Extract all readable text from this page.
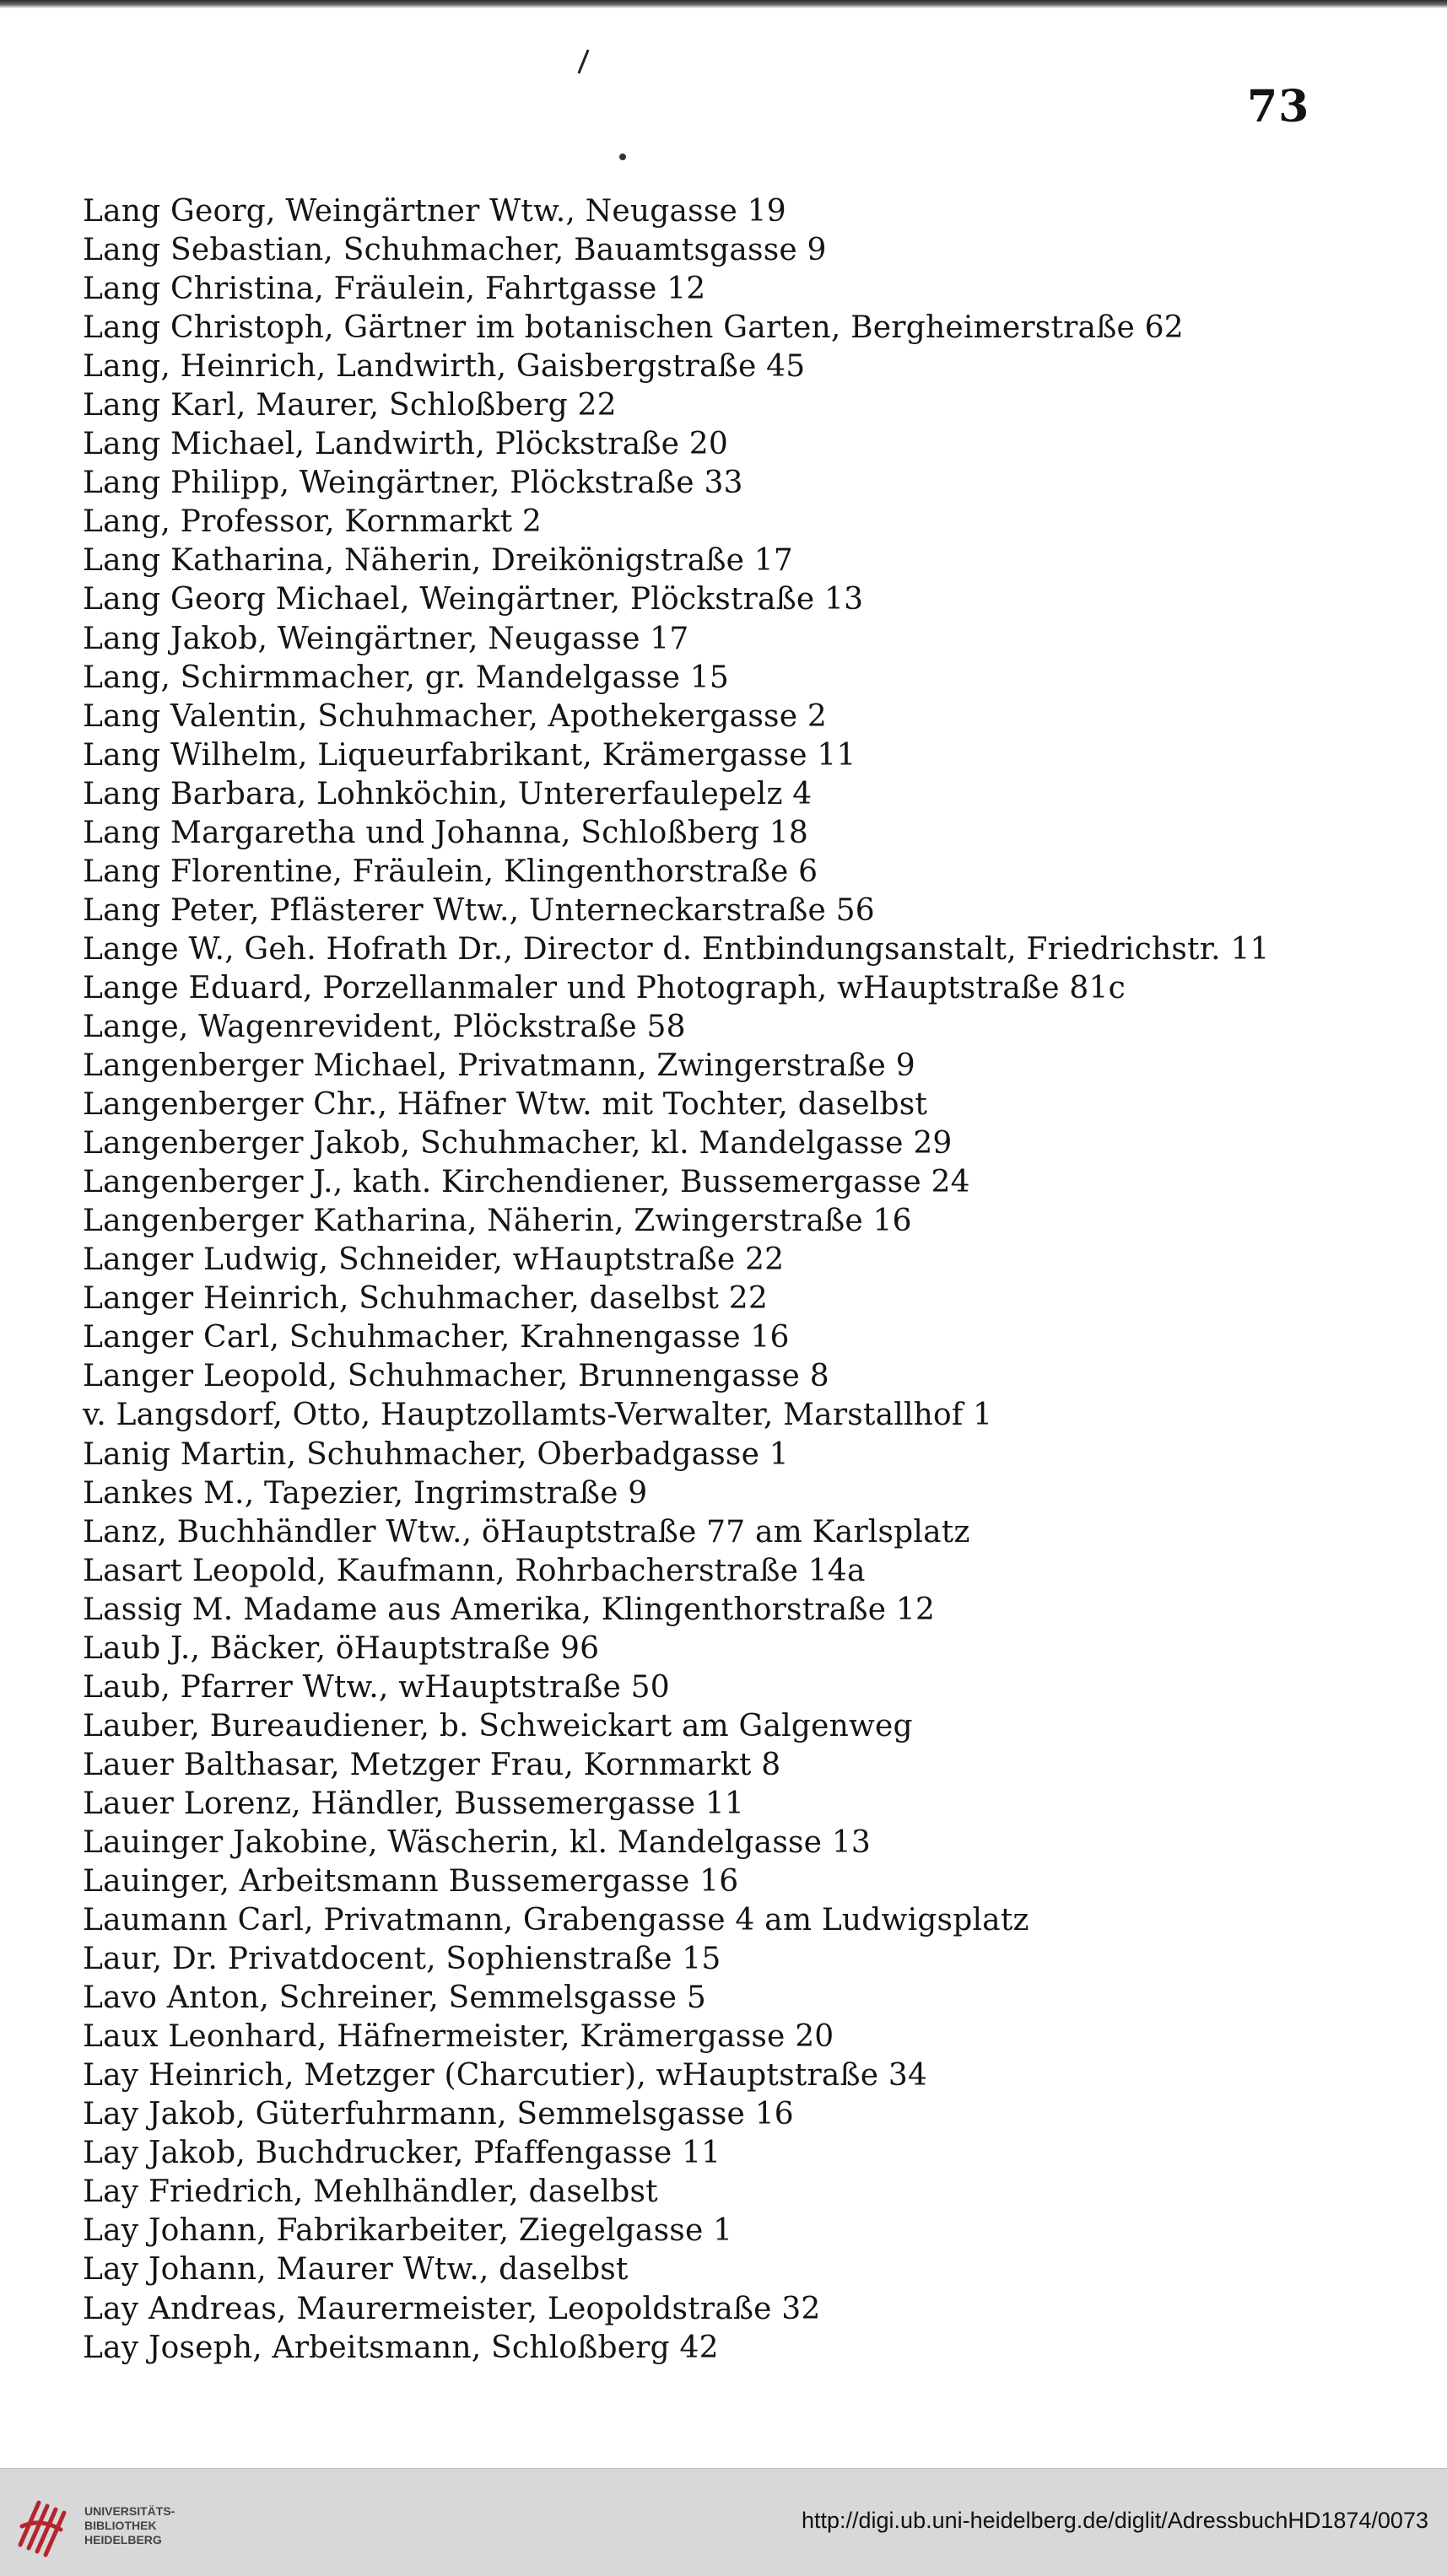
73
Lang Georg, Weingärtner Wtw., Neugasse 19
Lang Sebastian, Schuhmacher, Bauamtsgasse 9
Lang Christina, Fräulein, Fahrtgasse 12
Lang Christoph, Gärtner im botanischen Garten, Bergheimerstraße 62
Lang, Heinrich, Landwirth, Gaisbergstraße 45
Lang Karl, Maurer, Schloßberg 22
Lang Michael, Landwirth, Plöckstraße 20
Lang Philipp, Weingärtner, Plöckstraße 33
Lang, Professor, Kornmarkt 2
Lang Katharina, Näherin, Dreikönigstraße 17
Lang Georg Michael, Weingärtner, Plöckstraße 13
Lang Jakob, Weingärtner, Neugasse 17
Lang, Schirmmacher, gr. Mandelgasse 15
Lang Valentin, Schuhmacher, Apothekergasse 2
Lang Wilhelm, Liqueurfabrikant, Krämergasse 11
Lang Barbara, Lohnköchin, Untererfaulepelz 4
Lang Margaretha und Johanna, Schloßberg 18
Lang Florentine, Fräulein, Klingenthorstraße 6
Lang Peter, Pflästerer Wtw., Unterneckarstraße 56
Lange W., Geh. Hofrath Dr., Director d. Entbindungsanstalt, Friedrichstr. 11
Lange Eduard, Porzellanmaler und Photograph, wHauptstraße 81c
Lange, Wagenrevident, Plöckstraße 58
Langenberger Michael, Privatmann, Zwingerstraße 9
Langenberger Chr., Häfner Wtw. mit Tochter, daselbst
Langenberger Jakob, Schuhmacher, kl. Mandelgasse 29
Langenberger J., kath. Kirchendiener, Bussemergasse 24
Langenberger Katharina, Näherin, Zwingerstraße 16
Langer Ludwig, Schneider, wHauptstraße 22
Langer Heinrich, Schuhmacher, daselbst 22
Langer Carl, Schuhmacher, Krahnengasse 16
Langer Leopold, Schuhmacher, Brunnengasse 8
v. Langsdorf, Otto, Hauptzollamts-Verwalter, Marstallhof 1
Lanig Martin, Schuhmacher, Oberbadgasse 1
Lankes M., Tapezier, Ingrimstraße 9
Lanz, Buchhändler Wtw., öHauptstraße 77 am Karlsplatz
Lasart Leopold, Kaufmann, Rohrbacherstraße 14a
Lassig M. Madame aus Amerika, Klingenthorstraße 12
Laub J., Bäcker, öHauptstraße 96
Laub, Pfarrer Wtw., wHauptstraße 50
Lauber, Bureaudiener, b. Schweickart am Galgenweg
Lauer Balthasar, Metzger Frau, Kornmarkt 8
Lauer Lorenz, Händler, Bussemergasse 11
Lauinger Jakobine, Wäscherin, kl. Mandelgasse 13
Lauinger, Arbeitsmann Bussemergasse 16
Laumann Carl, Privatmann, Grabengasse 4 am Ludwigsplatz
Laur, Dr. Privatdocent, Sophienstraße 15
Lavo Anton, Schreiner, Semmelsgasse 5
Laux Leonhard, Häfnermeister, Krämergasse 20
Lay Heinrich, Metzger (Charcutier), wHauptstraße 34
Lay Jakob, Güterfuhrmann, Semmelsgasse 16
Lay Jakob, Buchdrucker, Pfaffengasse 11
Lay Friedrich, Mehlhändler, daselbst
Lay Johann, Fabrikarbeiter, Ziegelgasse 1
Lay Johann, Maurer Wtw., daselbst
Lay Andreas, Maurermeister, Leopoldstraße 32
Lay Joseph, Arbeitsmann, Schloßberg 42
UNIVERSITÄTS-
BIBLIOTHEK
HEIDELBERG
http://digi.ub.uni-heidelberg.de/diglit/AdressbuchHD1874/0073
